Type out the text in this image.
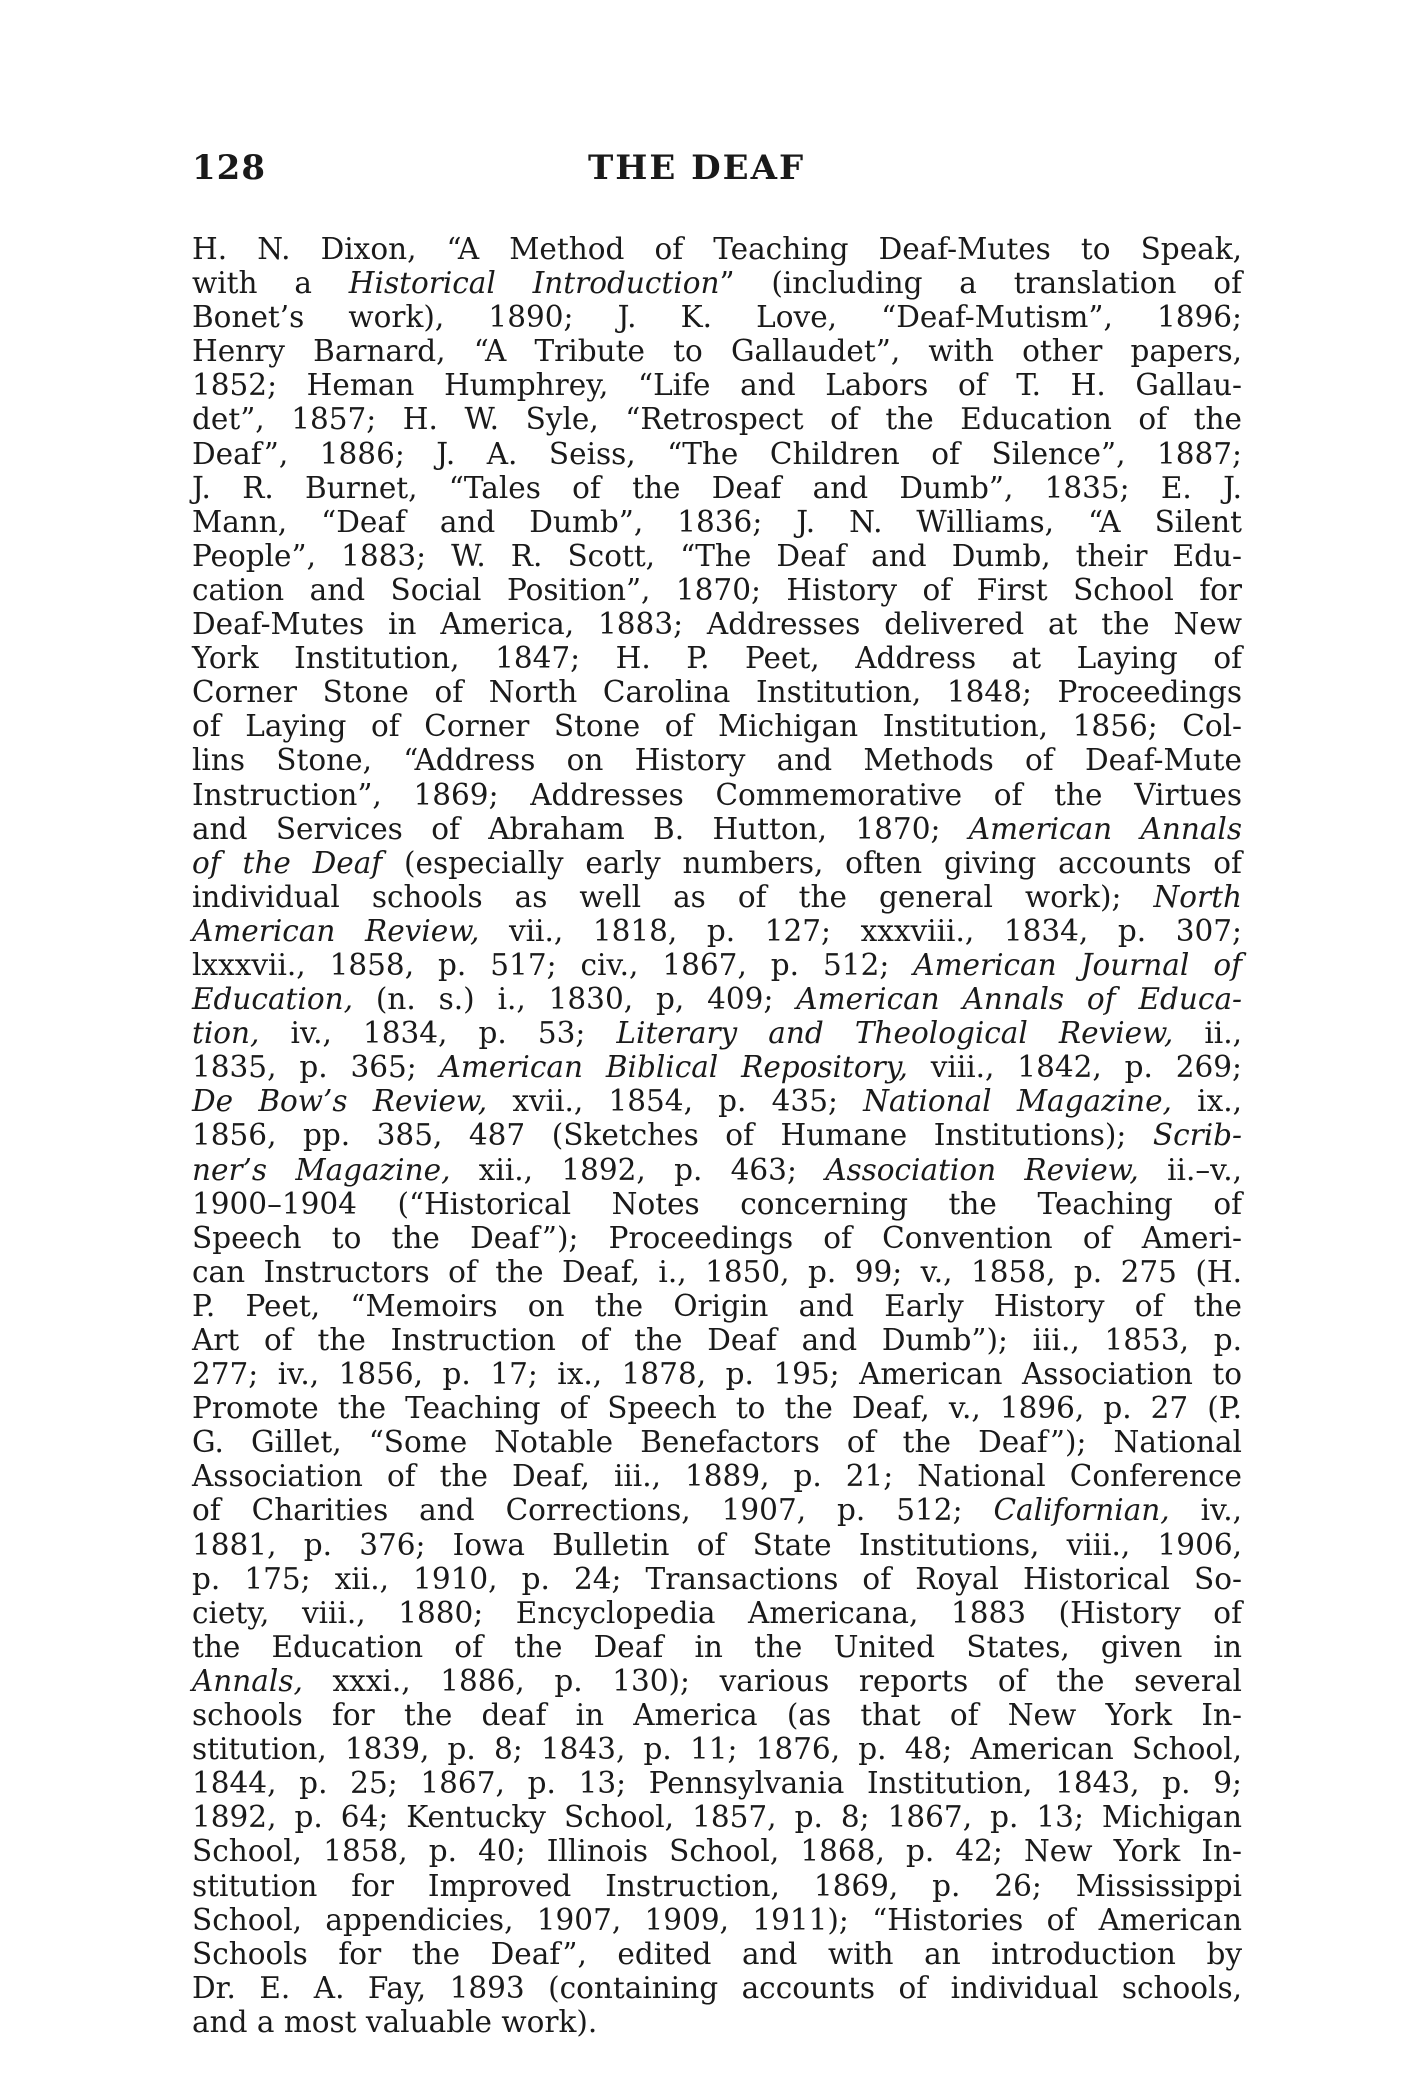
128	THE DEAF
H. N. Dixon, “A Method of Teaching Deaf-Mutes to Speak,
with a Historical Introduction” (including a translation of
Bonet’s work), 1890; J. K. Love, “Deaf-Mutism”, 1896;
Henry Barnard, “A Tribute to Gallaudet”, with other papers,
1852; Heman Humphrey, “Life and Labors of T. H. Gallau-
det”, 1857; H. W. Syle, “Retrospect of the Education of the
Deaf”, 1886; J. A. Seiss, “The Children of Silence”, 1887;
J. R. Burnet, “Tales of the Deaf and Dumb”, 1835; E. J.
Mann, “Deaf and Dumb”, 1836; J. N. Williams, “A Silent
People”, 1883; W. R. Scott, “The Deaf and Dumb, their Edu-
cation and Social Position”, 1870; History of First School for
Deaf-Mutes in America, 1883; Addresses delivered at the New
York Institution, 1847; H. P. Peet, Address at Laying of
Corner Stone of North Carolina Institution, 1848; Proceedings
of Laying of Corner Stone of Michigan Institution, 1856; Col-
lins Stone, “Address on History and Methods of Deaf-Mute
Instruction”, 1869; Addresses Commemorative of the Virtues
and Services of Abraham B. Hutton, 1870; American Annals
of the Deaf (especially early numbers, often giving accounts of
individual schools as well as of the general work); North
American Review, vii., 1818, p. 127; xxxviii., 1834, p. 307;
lxxxvii., 1858, p. 517; civ., 1867, p. 512; American Journal of
Education, (n. s.) i., 1830, p, 409; American Annals of Educa-
tion, iv., 1834, p. 53; Literary and Theological Review, ii.,
1835, p. 365; American Biblical Repository, viii., 1842, p. 269;
De Bow’s Review, xvii., 1854, p. 435; National Magazine, ix.,
1856, pp. 385, 487 (Sketches of Humane Institutions); Scrib-
ner’s Magazine, xii., 1892, p. 463; Association Review, ii.–v.,
1900–1904 (“Historical Notes concerning the Teaching of
Speech to the Deaf”); Proceedings of Convention of Ameri-
can Instructors of the Deaf, i., 1850, p. 99; v., 1858, p. 275 (H.
P. Peet, “Memoirs on the Origin and Early History of the
Art of the Instruction of the Deaf and Dumb”); iii., 1853, p.
277; iv., 1856, p. 17; ix., 1878, p. 195; American Association to
Promote the Teaching of Speech to the Deaf, v., 1896, p. 27 (P.
G. Gillet, “Some Notable Benefactors of the Deaf”); National
Association of the Deaf, iii., 1889, p. 21; National Conference
of Charities and Corrections, 1907, p. 512; Californian, iv.,
1881, p. 376; Iowa Bulletin of State Institutions, viii., 1906,
p. 175; xii., 1910, p. 24; Transactions of Royal Historical So-
ciety, viii., 1880; Encyclopedia Americana, 1883 (History of
the Education of the Deaf in the United States, given in
Annals, xxxi., 1886, p. 130); various reports of the several
schools for the deaf in America (as that of New York In-
stitution, 1839, p. 8; 1843, p. 11; 1876, p. 48; American School,
1844, p. 25; 1867, p. 13; Pennsylvania Institution, 1843, p. 9;
1892, p. 64; Kentucky School, 1857, p. 8; 1867, p. 13; Michigan
School, 1858, p. 40; Illinois School, 1868, p. 42; New York In-
stitution for Improved Instruction, 1869, p. 26; Mississippi
School, appendicies, 1907, 1909, 1911); “Histories of American
Schools for the Deaf”, edited and with an introduction by
Dr. E. A. Fay, 1893 (containing accounts of individual schools,
and a most valuable work).
